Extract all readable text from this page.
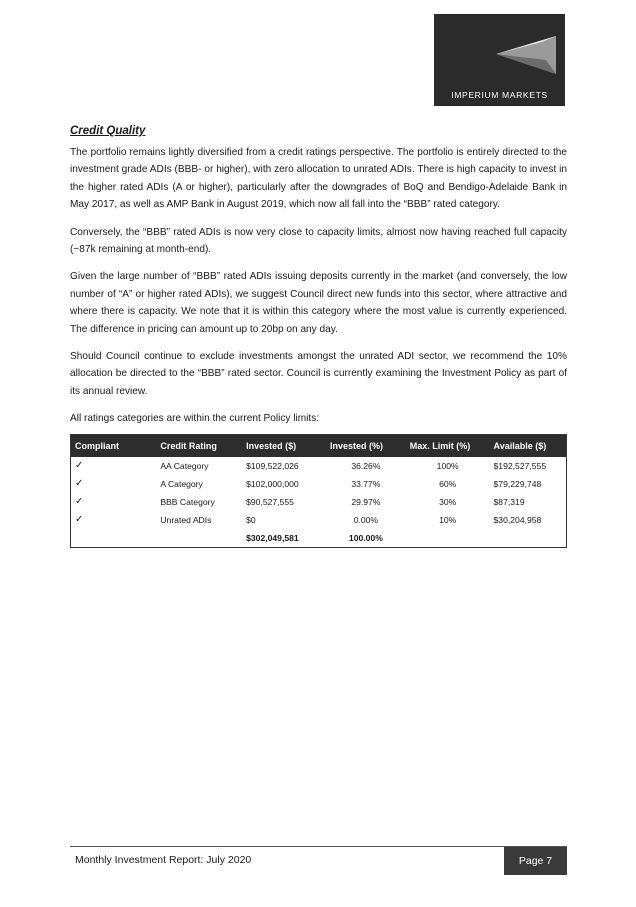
IMPERIUM MARKETS
Credit Quality

The portfolio remains lightly diversified from a credit ratings perspective. The portfolio is entirely directed to the investment grade ADIs (BBB- or higher), with zero allocation to unrated ADIs. There is high capacity to invest in the higher rated ADIs (A or higher), particularly after the downgrades of BoQ and Bendigo-Adelaide Bank in May 2017, as well as AMP Bank in August 2019, which now all fall into the “BBB” rated category.

Conversely, the “BBB” rated ADIs is now very close to capacity limits, almost now having reached full capacity (~87k remaining at month-end).

Given the large number of “BBB” rated ADIs issuing deposits currently in the market (and conversely, the low number of “A” or higher rated ADIs), we suggest Council direct new funds into this sector, where attractive and where there is capacity. We note that it is within this category where the most value is currently experienced. The difference in pricing can amount up to 20bp on any day.

Should Council continue to exclude investments amongst the unrated ADI sector, we recommend the 10% allocation be directed to the “BBB” rated sector. Council is currently examining the Investment Policy as part of its annual review.

All ratings categories are within the current Policy limits:

Compliant	Credit Rating	Invested ($)	Invested (%)	Max. Limit (%)	Available ($)
✓	AA Category	$109,522,026	36.26%	100%	$192,527,555
✓	A Category	$102,000,000	33.77%	60%	$79,229,748
✓	BBB Category	$90,527,555	29.97%	30%	$87,319
✓	Unrated ADIs	$0	0.00%	10%	$30,204,958
		$302,049,581	100.00%		
Monthly Investment Report: July 2020	Page 7
